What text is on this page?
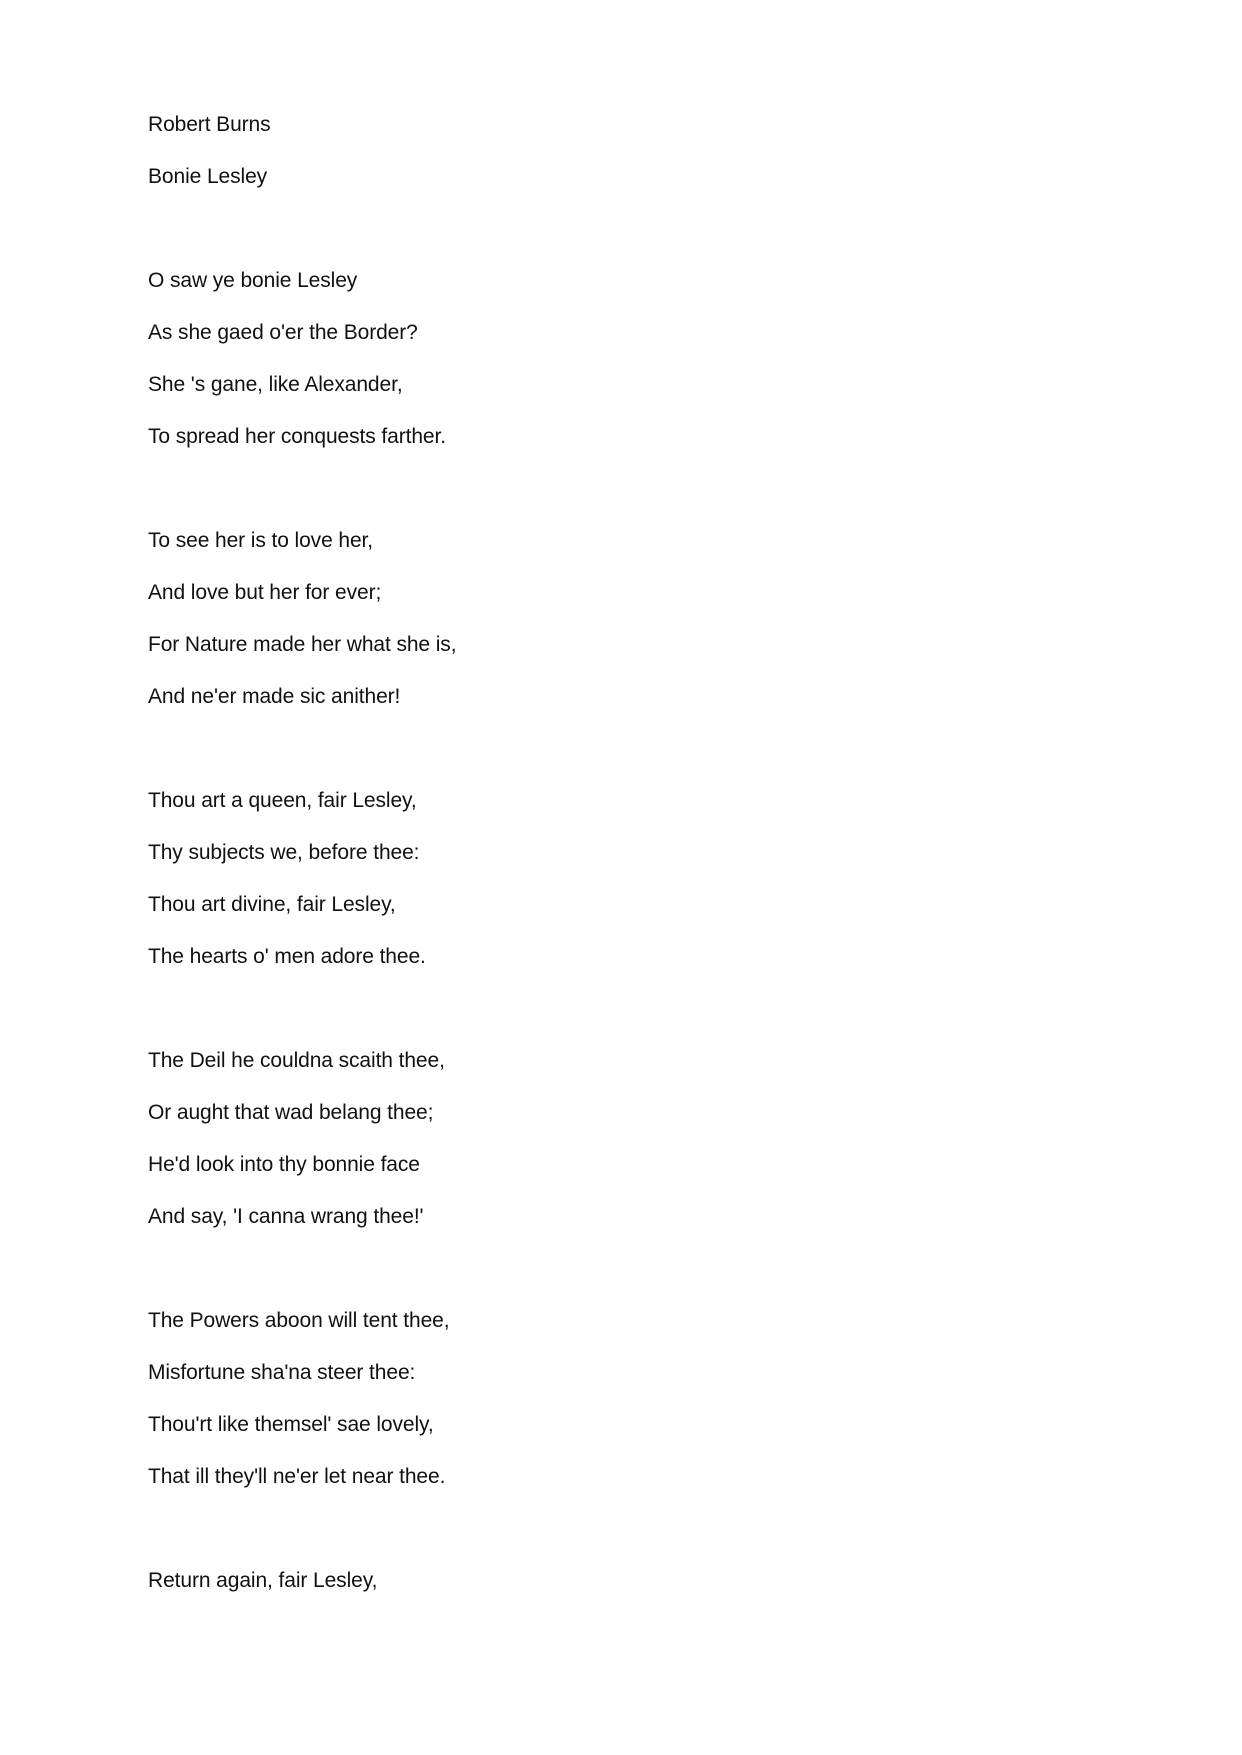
Robert Burns
Bonie Lesley
O saw ye bonie Lesley
As she gaed o'er the Border?
She 's gane, like Alexander,
To spread her conquests farther.
To see her is to love her,
And love but her for ever;
For Nature made her what she is,
And ne'er made sic anither!
Thou art a queen, fair Lesley,
Thy subjects we, before thee:
Thou art divine, fair Lesley,
The hearts o' men adore thee.
The Deil he couldna scaith thee,
Or aught that wad belang thee;
He'd look into thy bonnie face
And say, 'I canna wrang thee!'
The Powers aboon will tent thee,
Misfortune sha'na steer thee:
Thou'rt like themsel' sae lovely,
That ill they'll ne'er let near thee.
Return again, fair Lesley,
